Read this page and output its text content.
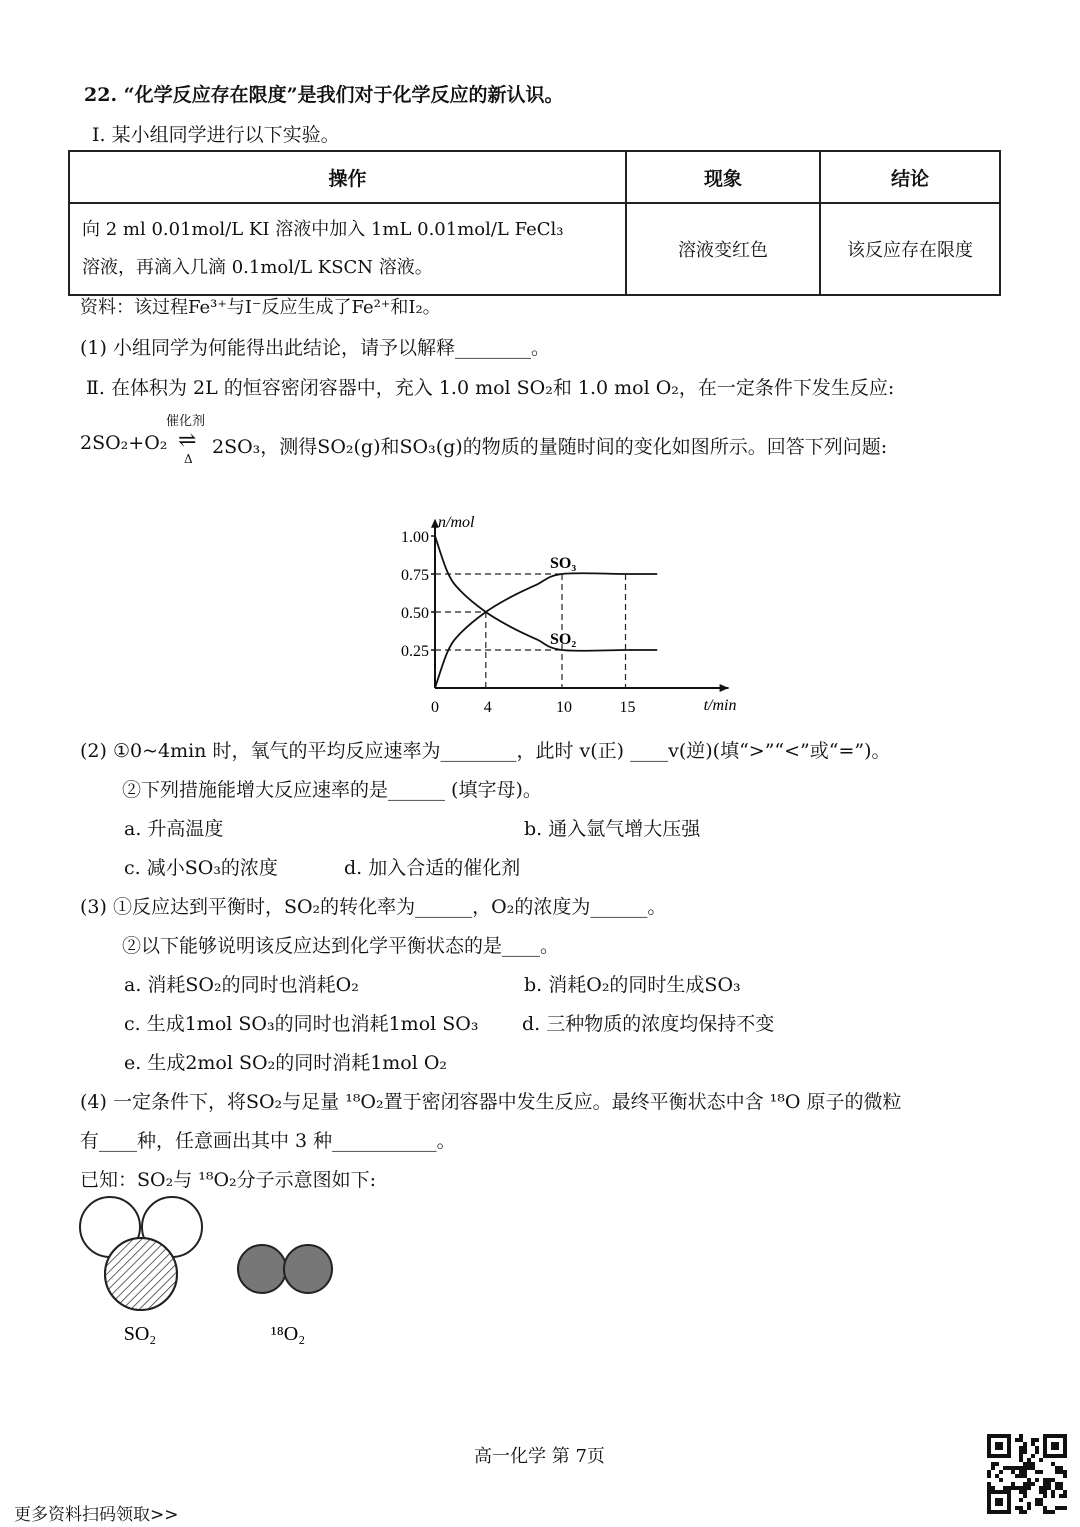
22. “化学反应存在限度”是我们对于化学反应的新认识。
Ⅰ. 某小组同学进行以下实验。
操作	现象	结论

向 2 ml 0.01mol/L KI 溶液中加入 1mL 0.01mol/L FeCl₃
溶液，再滴入几滴 0.1mol/L KSCN 溶液。	溶液变红色	该反应存在限度
资料：该过程Fe³⁺与I⁻反应生成了Fe²⁺和I₂。
(1) 小组同学为何能得出此结论，请予以解释________。
Ⅱ. 在体积为 2L 的恒容密闭容器中，充入 1.0 mol SO₂和 1.0 mol O₂，在一定条件下发生反应:
催化剂
2SO₂+O₂ ⇌
Δ
2SO₃，测得SO₂(g)和SO₃(g)的物质的量随时间的变化如图所示。回答下列问题:
n/mol
t/min
0.25
0.50
0.75
1.00
0	4	10	15
SO₃
SO₂
(2) ①0~4min 时，氧气的平均反应速率为________，此时 v(正) ____v(逆)(填“>”“<”或“=”)。
②下列措施能增大反应速率的是______ (填字母)。
a. 升高温度	b. 通入氩气增大压强
c. 减小SO₃的浓度	d. 加入合适的催化剂
(3) ①反应达到平衡时，SO₂的转化率为______，O₂的浓度为______。
②以下能够说明该反应达到化学平衡状态的是____。
a. 消耗SO₂的同时也消耗O₂	b. 消耗O₂的同时生成SO₃
c. 生成1mol SO₃的同时也消耗1mol SO₃ d. 三种物质的浓度均保持不变
e. 生成2mol SO₂的同时消耗1mol O₂
(4) 一定条件下，将SO₂与足量 ¹⁸O₂置于密闭容器中发生反应。最终平衡状态中含 ¹⁸O 原子的微粒
有____种，任意画出其中 3 种___________。
已知：SO₂与 ¹⁸O₂分子示意图如下:
SO₂	¹⁸O₂
高一化学 第 7页
更多资料扫码领取>>
